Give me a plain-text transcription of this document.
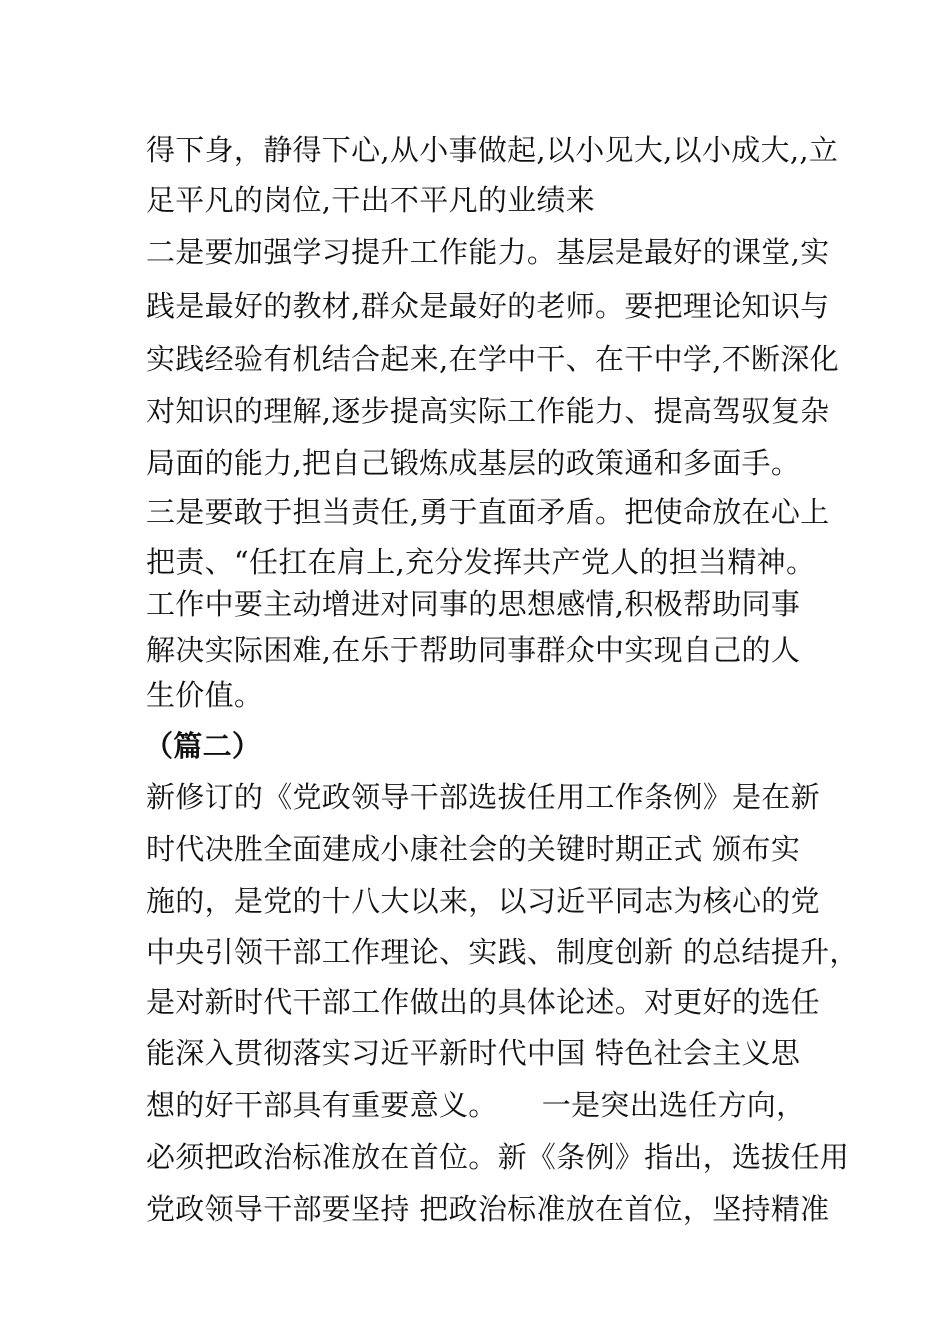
得下身，静得下心,从小事做起,以小见大,以小成大,,立
足平凡的岗位,干出不平凡的业绩来
二是要加强学习提升工作能力。基层是最好的课堂,实
践是最好的教材,群众是最好的老师。要把理论知识与
实践经验有机结合起来,在学中干、在干中学,不断深化
对知识的理解,逐步提高实际工作能力、提高驾驭复杂
局面的能力,把自己锻炼成基层的政策通和多面手。
三是要敢于担当责任,勇于直面矛盾。把使命放在心上
把责、“任扛在肩上,充分发挥共产党人的担当精神。
工作中要主动增进对同事的思想感情,积极帮助同事
解决实际困难,在乐于帮助同事群众中实现自己的人
生价值。
（篇二）
新修订的《党政领导干部选拔任用工作条例》是在新
时代决胜全面建成小康社会的关键时期正式 颁布实
施的，是党的十八大以来，以习近平同志为核心的党
中央引领干部工作理论、实践、制度创新 的总结提升，
是对新时代干部工作做出的具体论述。对更好的选任
能深入贯彻落实习近平新时代中国 特色社会主义思
想的好干部具有重要意义。　　一是突出选任方向，
必须把政治标准放在首位。新《条例》指出，选拔任用
党政领导干部要坚持 把政治标准放在首位，坚持精准
